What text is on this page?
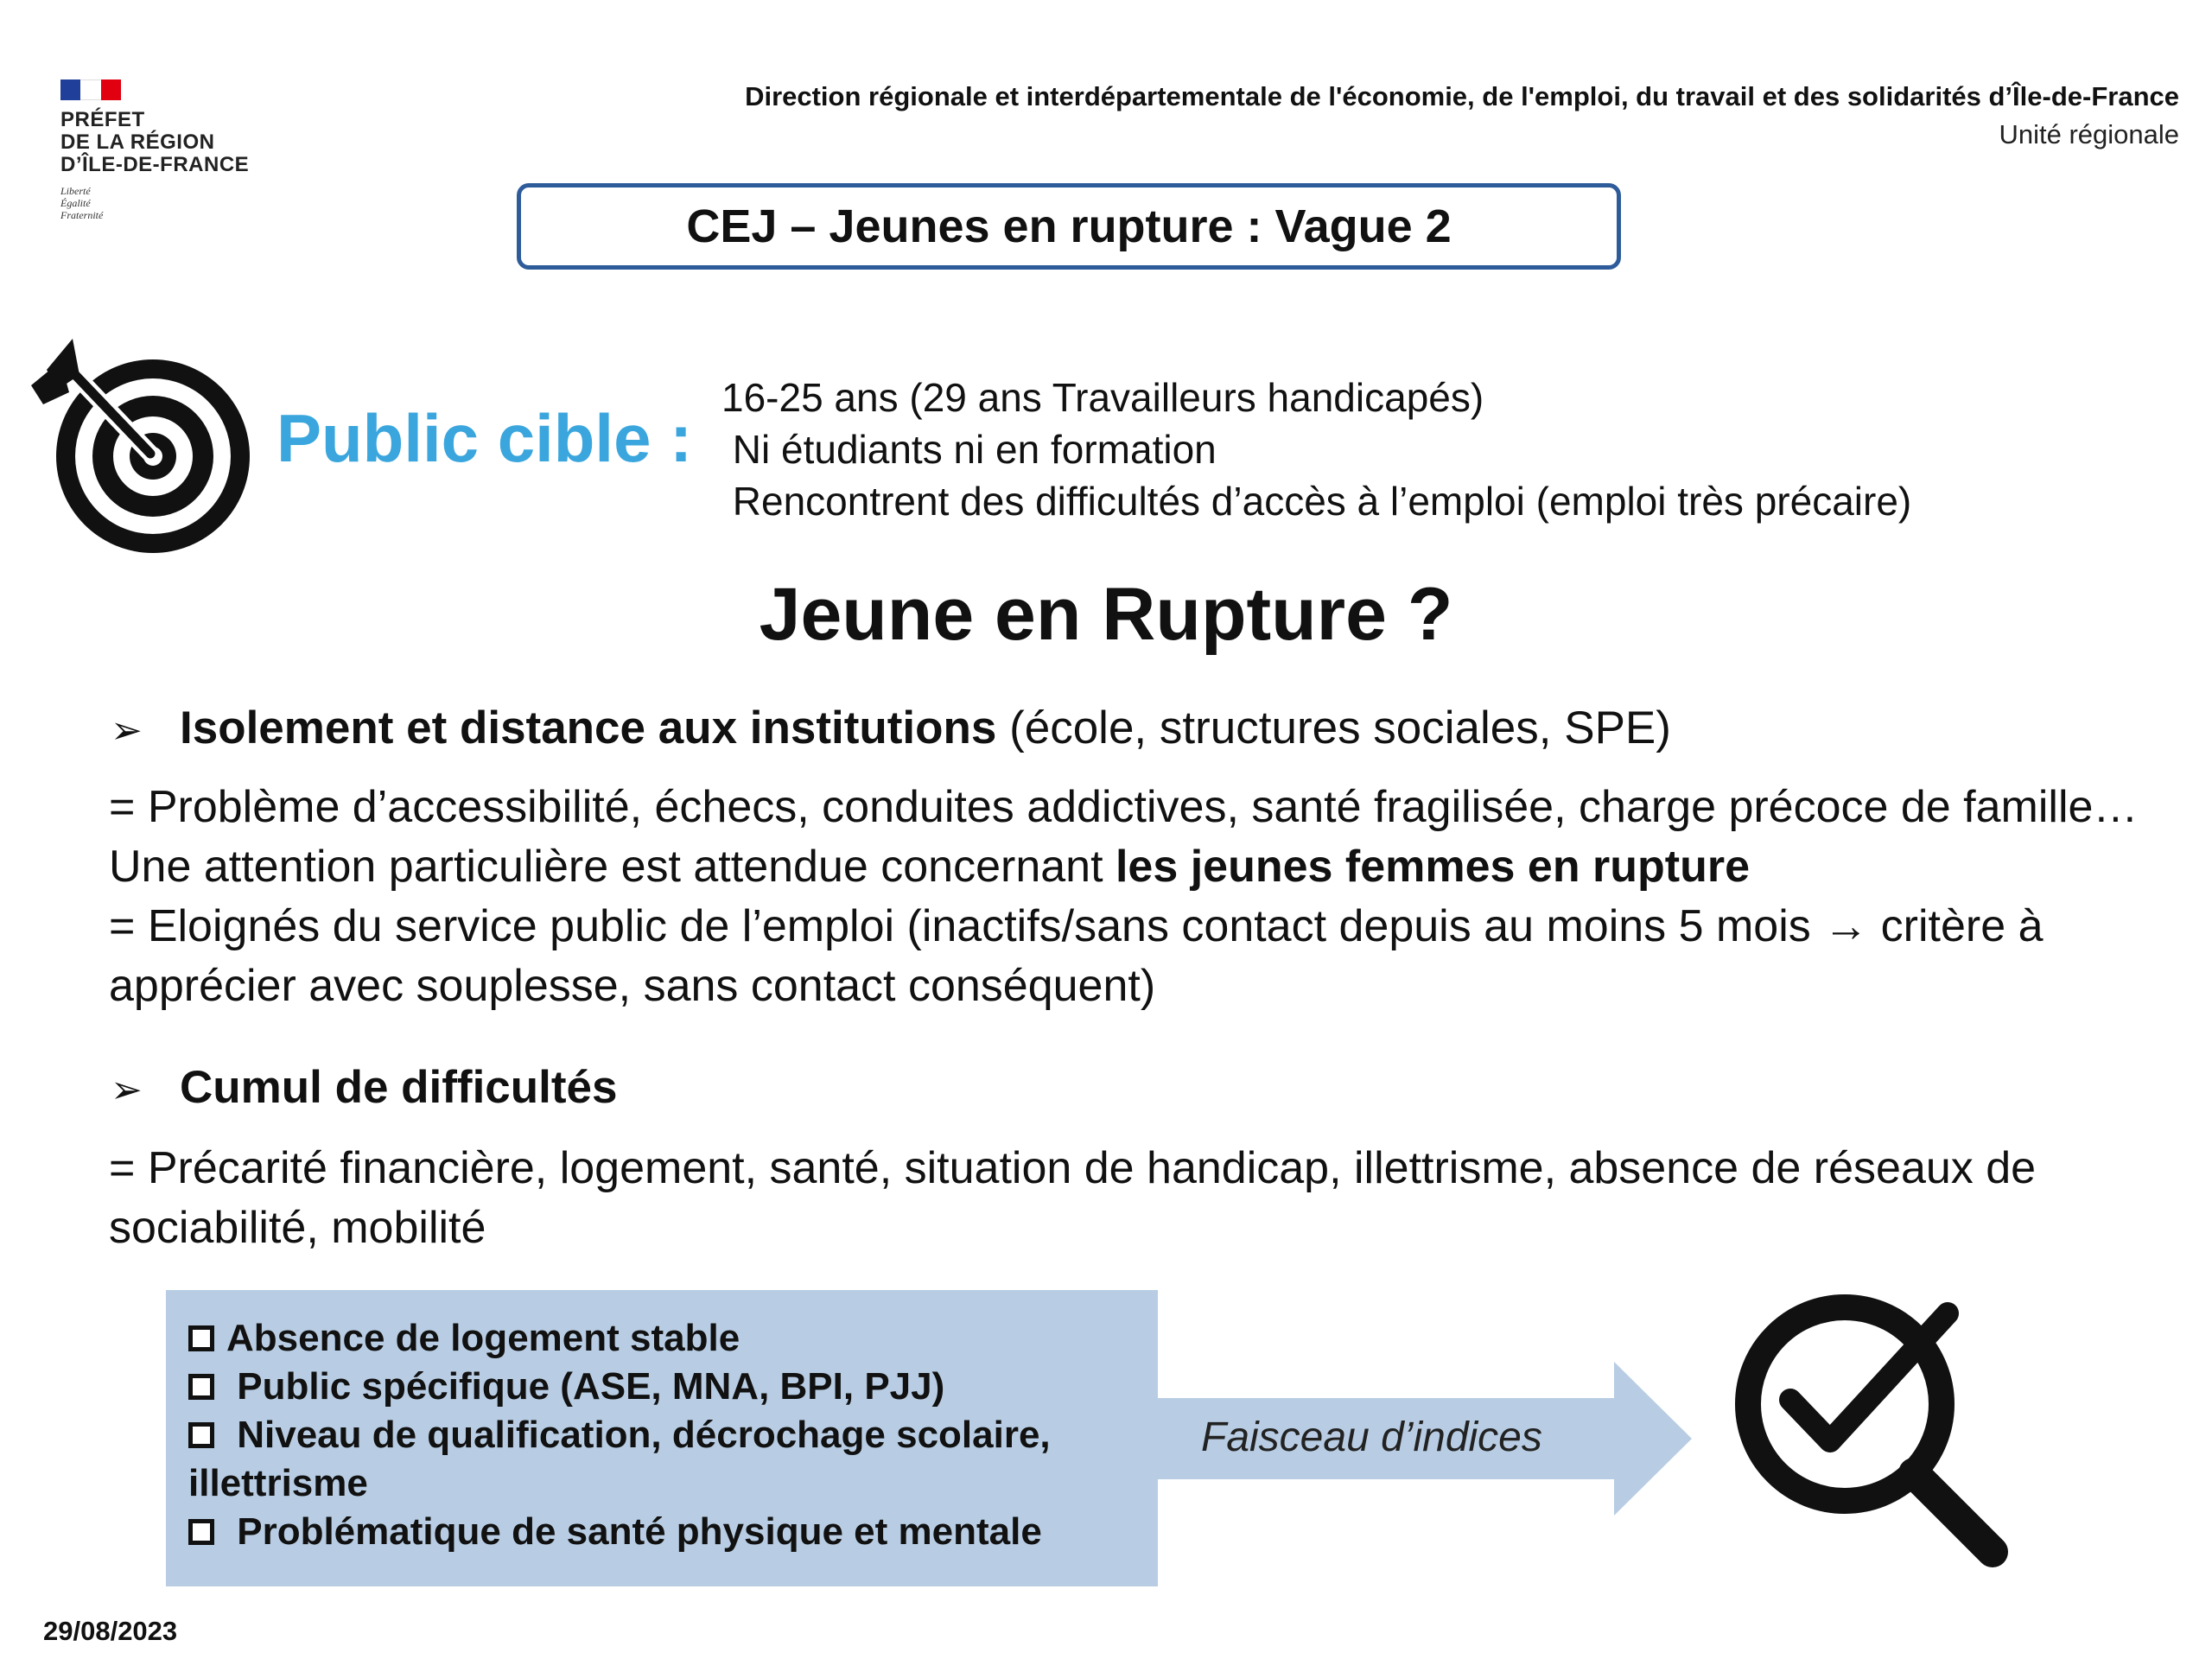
PRÉFET
DE LA RÉGION
D’ÎLE-DE-FRANCE
Liberté
Égalité
Fraternité
Direction régionale et interdépartementale de l'économie, de l'emploi, du travail et des solidarités d’Île-de-France
Unité régionale
CEJ – Jeunes en rupture : Vague 2
Public cible :
16-25 ans (29 ans Travailleurs handicapés)
Ni étudiants ni en formation
Rencontrent des difficultés d’accès à l’emploi (emploi très précaire)
Jeune en Rupture ?
➢ Isolement et distance aux institutions (école, structures sociales, SPE)
= Problème d’accessibilité, échecs, conduites addictives, santé fragilisée, charge précoce de famille…Une attention particulière est attendue concernant les jeunes femmes en rupture
= Eloignés du service public de l’emploi (inactifs/sans contact depuis au moins 5 mois → critère à apprécier avec souplesse, sans contact conséquent)
➢ Cumul de difficultés
= Précarité financière, logement, santé, situation de handicap, illettrisme, absence de réseaux de sociabilité, mobilité
Absence de logement stable
Public spécifique (ASE, MNA, BPI, PJJ)
Niveau de qualification, décrochage scolaire,
illettrisme
Problématique de santé physique et mentale
Faisceau d’indices
29/08/2023
